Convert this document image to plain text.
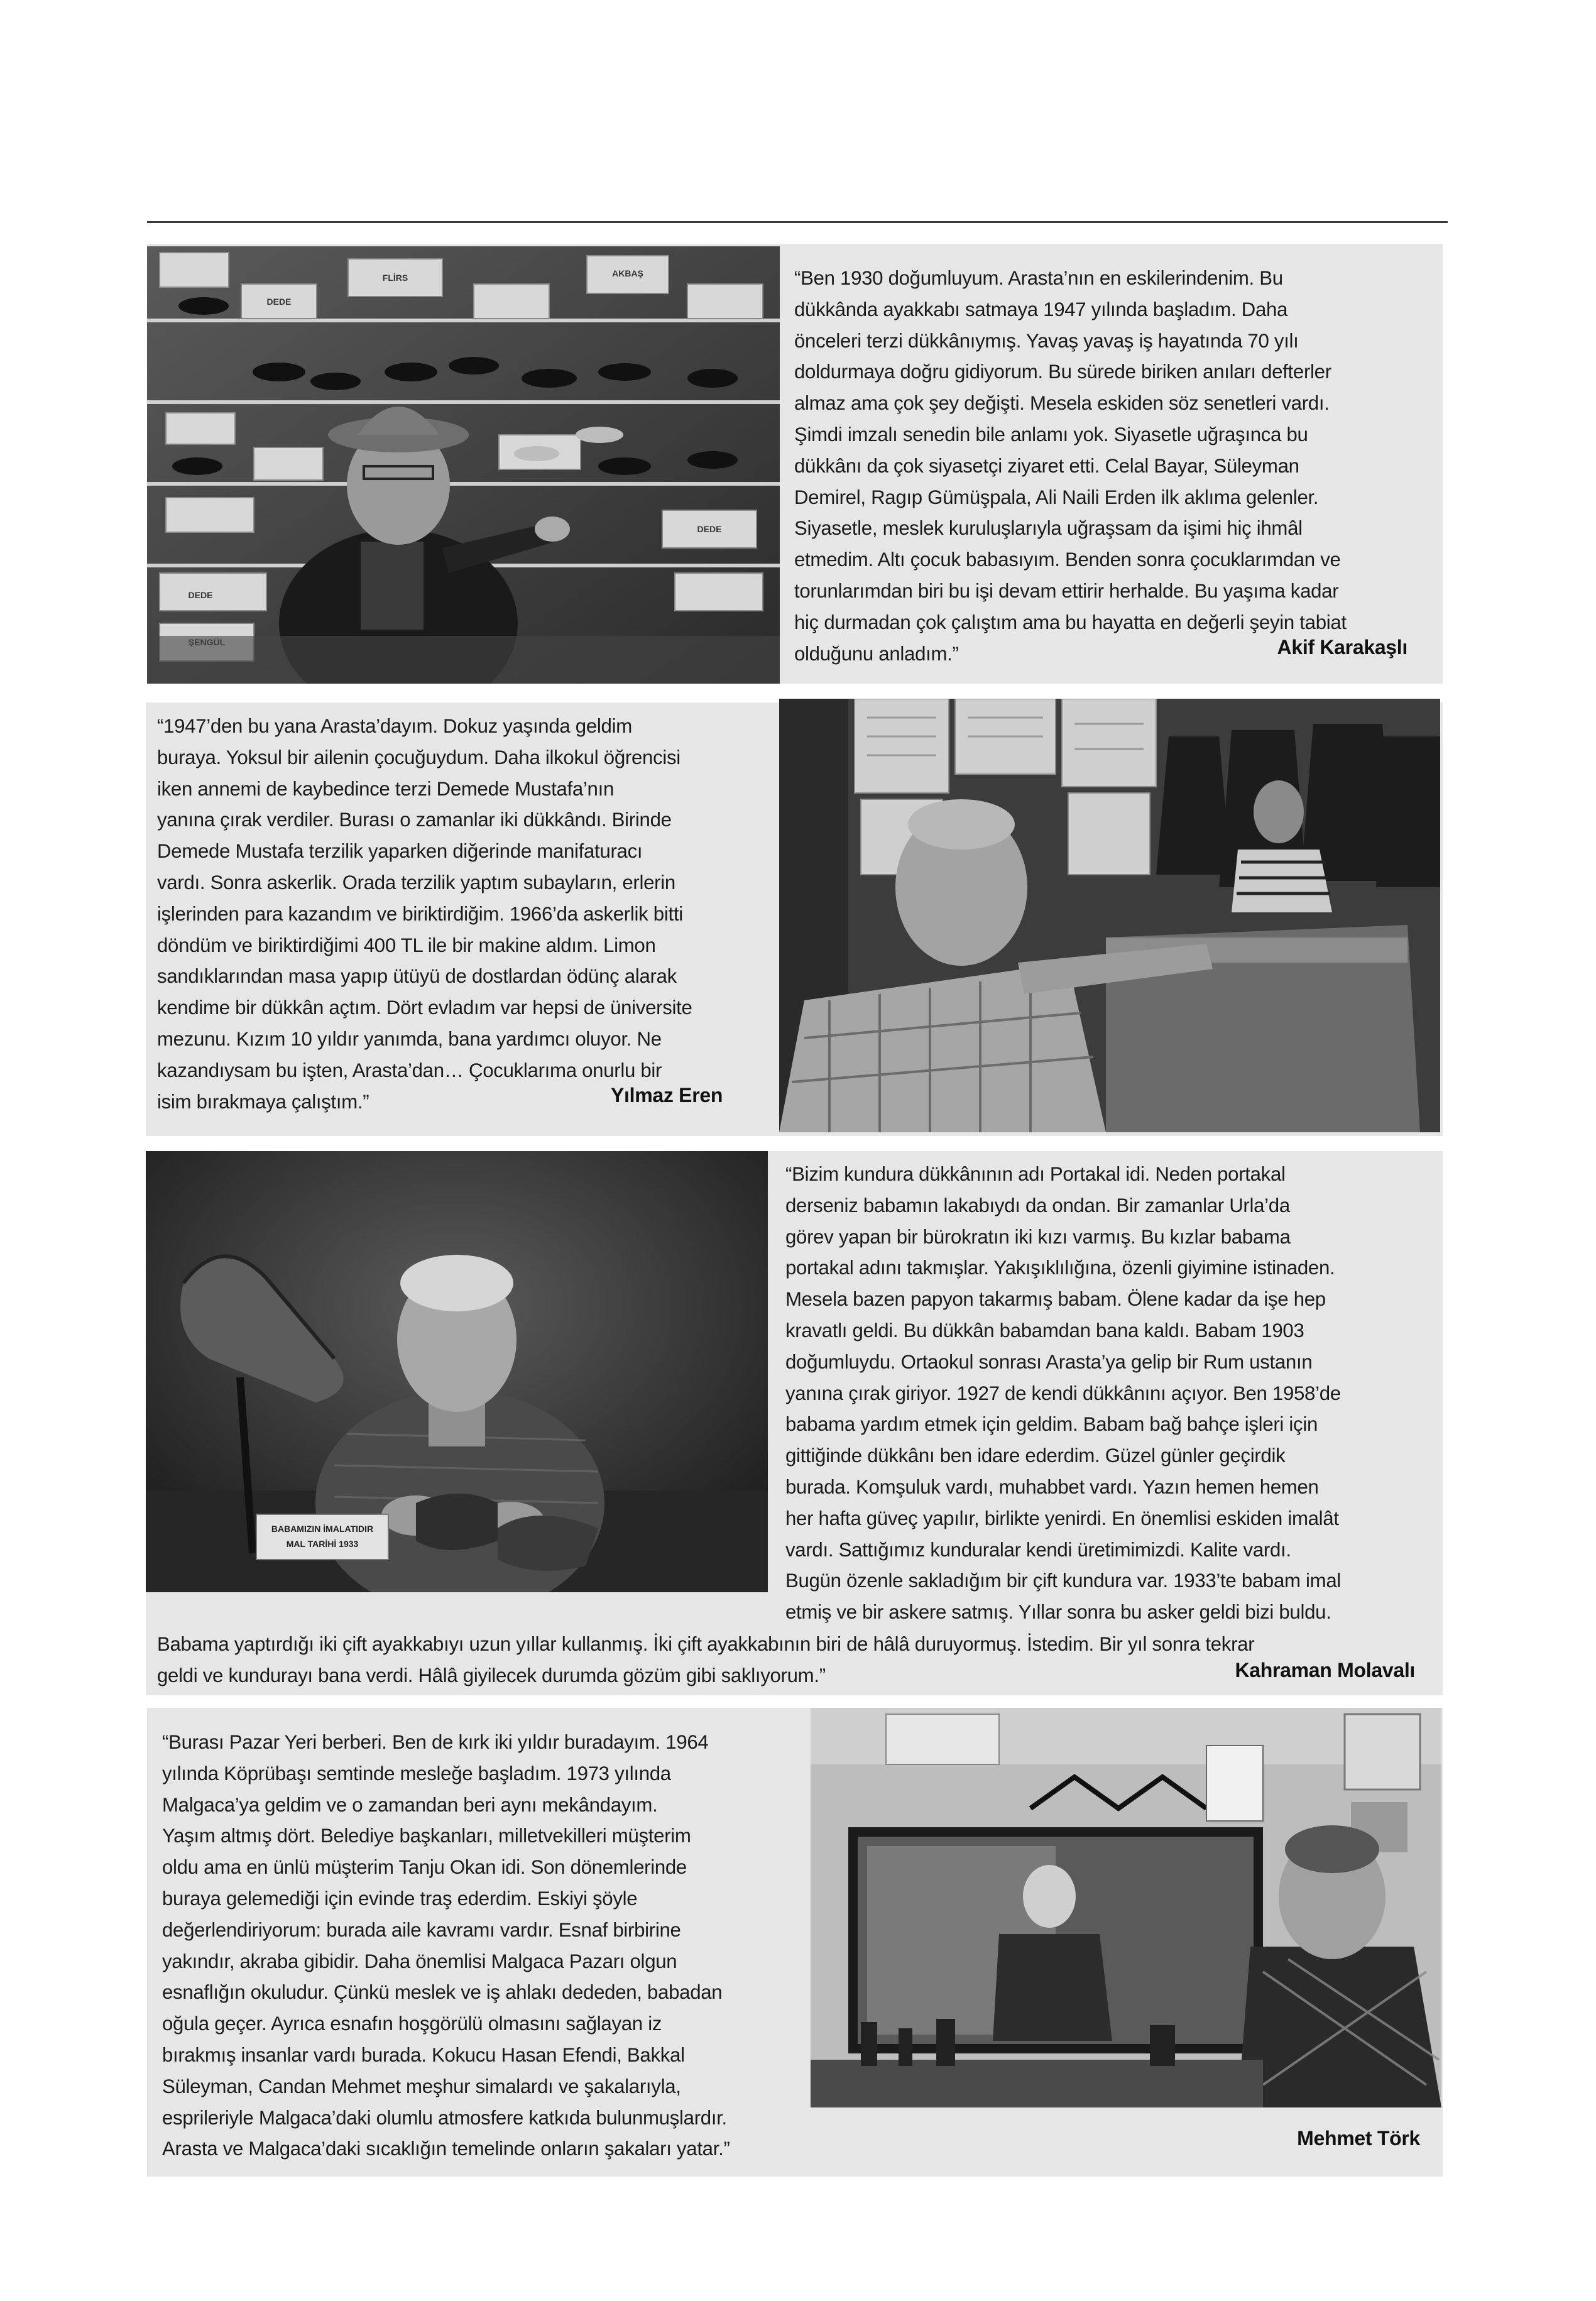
DEDE
FLİRS
DEDE
DEDE
AKBAŞ	“Ben 1930 doğumluyum. Arasta’nın en eskilerindenim. Bu
dükkânda ayakkabı satmaya 1947 yılında başladım. Daha
önceleri terzi dükkânıymış. Yavaş yavaş iş hayatında 70 yılı
doldurmaya doğru gidiyorum. Bu sürede biriken anıları defterler
almaz ama çok şey değişti. Mesela eskiden söz senetleri vardı.
Şimdi imzalı senedin bile anlamı yok. Siyasetle uğraşınca bu
dükkânı da çok siyasetçi ziyaret etti. Celal Bayar, Süleyman
Demirel, Ragıp Gümüşpala, Ali Naili Erden ilk aklıma gelenler.
Siyasetle, meslek kuruluşlarıyla uğraşsam da işimi hiç ihmâl
etmedim. Altı çocuk babasıyım. Benden sonra çocuklarımdan ve
torunlarımdan biri bu işi devam ettirir herhalde. Bu yaşıma kadar
hiç durmadan çok çalıştım ama bu hayatta en değerli şeyin tabiat
olduğunu anladım.”	Akif Karakaşlı
“1947’den bu yana Arasta’dayım. Dokuz yaşında geldim
buraya. Yoksul bir ailenin çocuğuydum. Daha ilkokul öğrencisi
iken annemi de kaybedince terzi Demede Mustafa’nın
yanına çırak verdiler. Burası o zamanlar iki dükkândı. Birinde
Demede Mustafa terzilik yaparken diğerinde manifaturacı
vardı. Sonra askerlik. Orada terzilik yaptım subayların, erlerin
işlerinden para kazandım ve biriktirdiğim. 1966’da askerlik bitti
döndüm ve biriktirdiğimi 400 TL ile bir makine aldım. Limon
sandıklarından masa yapıp ütüyü de dostlardan ödünç alarak
kendime bir dükkân açtım. Dört evladım var hepsi de üniversite
mezunu. Kızım 10 yıldır yanımda, bana yardımcı oluyor. Ne
kazandıysam bu işten, Arasta’dan… Çocuklarıma onurlu bir
isim bırakmaya çalıştım.”	Yılmaz Eren
BABAMIZIN İMALATIDIR
MAL TARİHİ 1933
“Bizim kundura dükkânının adı Portakal idi. Neden portakal
derseniz babamın lakabıydı da ondan. Bir zamanlar Urla’da
görev yapan bir bürokratın iki kızı varmış. Bu kızlar babama
portakal adını takmışlar. Yakışıklılığına, özenli giyimine istinaden.
Mesela bazen papyon takarmış babam. Ölene kadar da işe hep
kravatlı geldi. Bu dükkân babamdan bana kaldı. Babam 1903
doğumluydu. Ortaokul sonrası Arasta’ya gelip bir Rum ustanın
yanına çırak giriyor. 1927 de kendi dükkânını açıyor. Ben 1958’de
babama yardım etmek için geldim. Babam bağ bahçe işleri için
gittiğinde dükkânı ben idare ederdim. Güzel günler geçirdik
burada. Komşuluk vardı, muhabbet vardı. Yazın hemen hemen
her hafta güveç yapılır, birlikte yenirdi. En önemlisi eskiden imalât
vardı. Sattığımız kunduralar kendi üretimimizdi. Kalite vardı.
Bugün özenle sakladığım bir çift kundura var. 1933’te babam imal
etmiş ve bir askere satmış. Yıllar sonra bu asker geldi bizi buldu.
Babama yaptırdığı iki çift ayakkabıyı uzun yıllar kullanmış. İki çift ayakkabının biri de hâlâ duruyormuş. İstedim. Bir yıl sonra tekrar
geldi ve kundurayı bana verdi. Hâlâ giyilecek durumda gözüm gibi saklıyorum.”	Kahraman Molavalı
“Burası Pazar Yeri berberi. Ben de kırk iki yıldır buradayım. 1964
yılında Köprübaşı semtinde mesleğe başladım. 1973 yılında
Malgaca’ya geldim ve o zamandan beri aynı mekândayım.
Yaşım altmış dört. Belediye başkanları, milletvekilleri müşterim
oldu ama en ünlü müşterim Tanju Okan idi. Son dönemlerinde
buraya gelemediği için evinde traş ederdim. Eskiyi şöyle
değerlendiriyorum: burada aile kavramı vardır. Esnaf birbirine
yakındır, akraba gibidir. Daha önemlisi Malgaca Pazarı olgun
esnaflığın okuludur. Çünkü meslek ve iş ahlakı dededen, babadan
oğula geçer. Ayrıca esnafın hoşgörülü olmasını sağlayan iz
bırakmış insanlar vardı burada. Kokucu Hasan Efendi, Bakkal
Süleyman, Candan Mehmet meşhur simalardı ve şakalarıyla,
esprileriyle Malgaca’daki olumlu atmosfere katkıda bulunmuşlardır.
Arasta ve Malgaca’daki sıcaklığın temelinde onların şakaları yatar.”	Mehmet Törk
